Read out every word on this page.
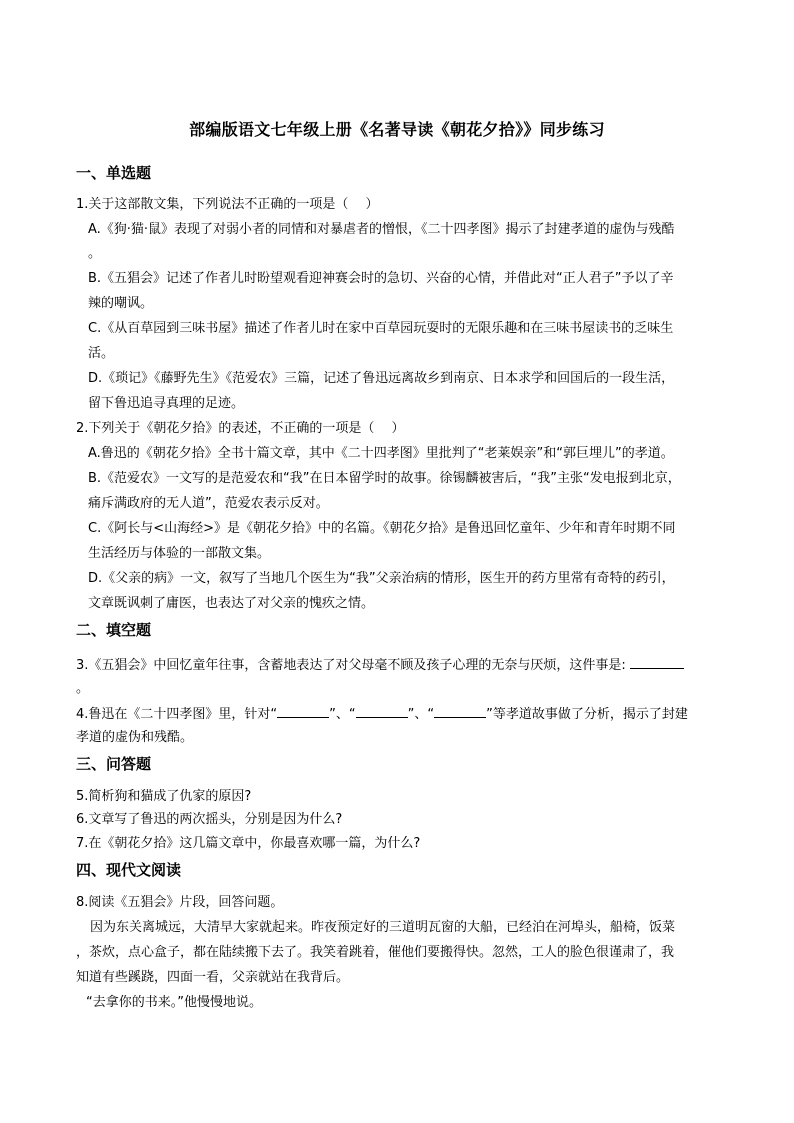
部编版语文七年级上册《名著导读《朝花夕拾》》同步练习
一、单选题
1.关于这部散文集，下列说法不正确的一项是（　 ）
A.《狗·猫·鼠》表现了对弱小者的同情和对暴虐者的憎恨，《二十四孝图》揭示了封建孝道的虚伪与残酷
。
B.《五猖会》记述了作者儿时盼望观看迎神赛会时的急切、兴奋的心情，并借此对“正人君子”予以了辛
辣的嘲讽。
C.《从百草园到三味书屋》描述了作者儿时在家中百草园玩耍时的无限乐趣和在三味书屋读书的乏味生
活。
D.《琐记》《藤野先生》《范爱农》三篇，记述了鲁迅远离故乡到南京、日本求学和回国后的一段生活，
留下鲁迅追寻真理的足迹。
2.下列关于《朝花夕拾》的表述，不正确的一项是（　 ）
A.鲁迅的《朝花夕拾》全书十篇文章，其中《二十四孝图》里批判了“老莱娱亲”和“郭巨埋儿”的孝道。
B.《范爱农》一文写的是范爱农和“我”在日本留学时的故事。徐锡麟被害后，“我”主张“发电报到北京，
痛斥满政府的无人道”，范爱农表示反对。
C.《阿长与<山海经>》是《朝花夕拾》中的名篇。《朝花夕拾》是鲁迅回忆童年、少年和青年时期不同
生活经历与体验的一部散文集。
D.《父亲的病》一文，叙写了当地几个医生为“我”父亲治病的情形，医生开的药方里常有奇特的药引，
文章既讽刺了庸医，也表达了对父亲的愧疚之情。
二、填空题
3.《五猖会》中回忆童年往事，含蓄地表达了对父母毫不顾及孩子心理的无奈与厌烦，这件事是:
。
4.鲁迅在《二十四孝图》里，针对“	”、“	”、“	”等孝道故事做了分析，揭示了封建
孝道的虚伪和残酷。
三、问答题
5.简析狗和猫成了仇家的原因?
6.文章写了鲁迅的两次摇头，分别是因为什么?
7.在《朝花夕拾》这几篇文章中，你最喜欢哪一篇，为什么?
四、现代文阅读
8.阅读《五猖会》片段，回答问题。
因为东关离城远，大清早大家就起来。昨夜预定好的三道明瓦窗的大船，已经泊在河埠头，船椅，饭菜
，茶炊，点心盒子，都在陆续搬下去了。我笑着跳着，催他们要搬得快。忽然，工人的脸色很谨肃了，我
知道有些蹊跷，四面一看，父亲就站在我背后。
“去拿你的书来。”他慢慢地说。
